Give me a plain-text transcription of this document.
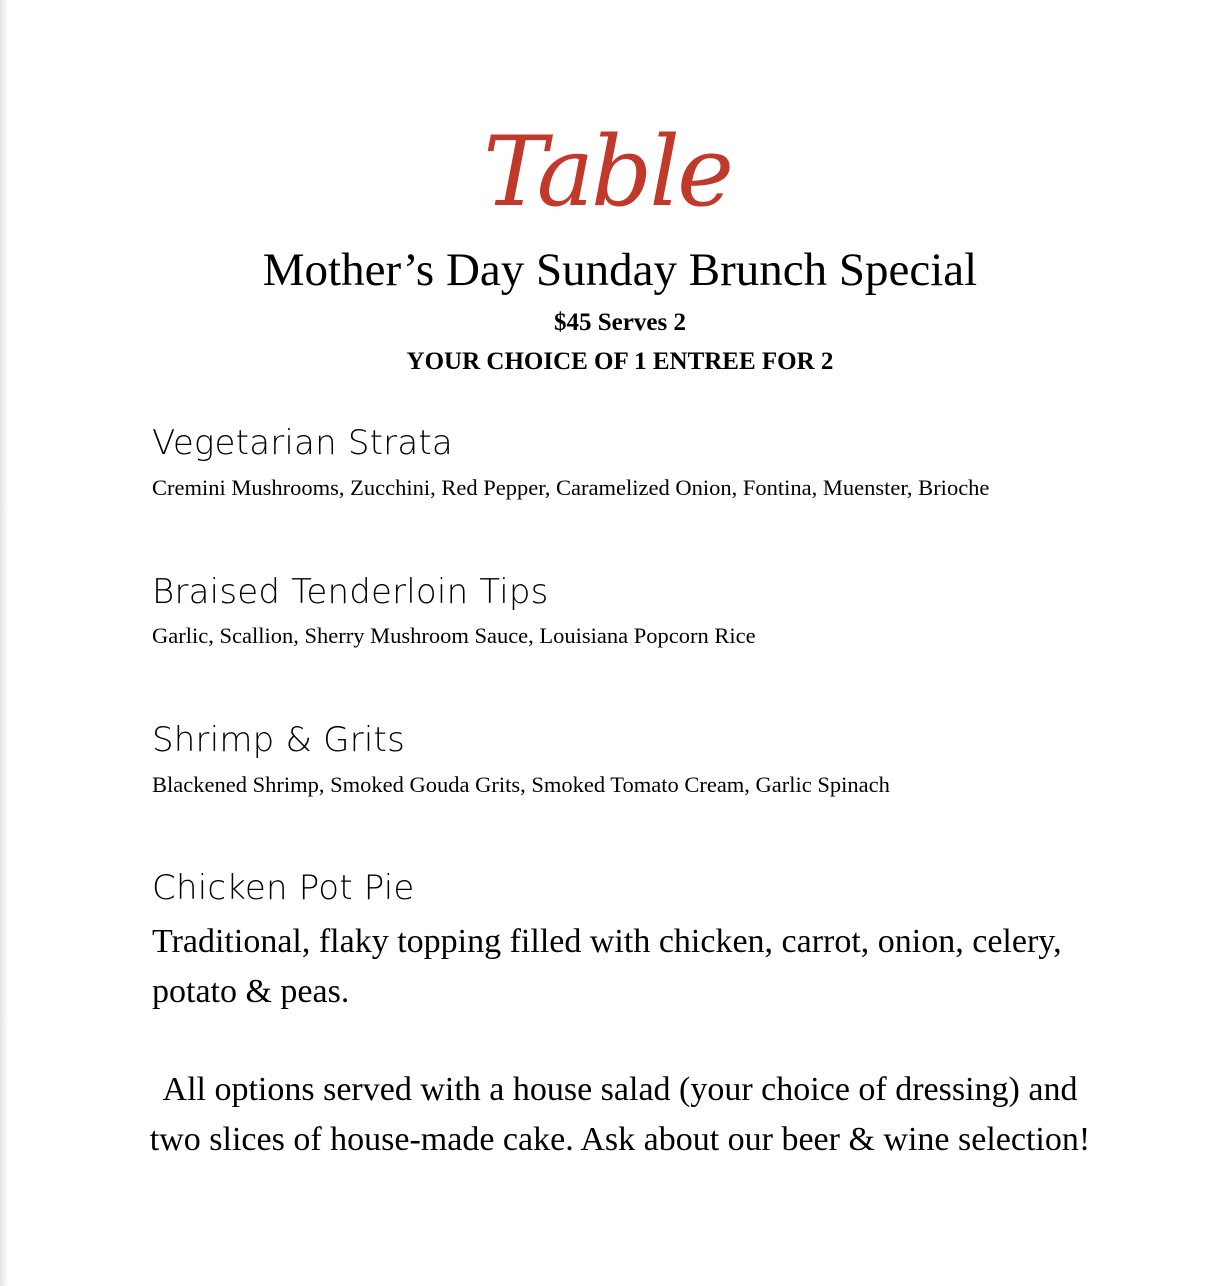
Table
Mother’s Day Sunday Brunch Special
$45 Serves 2
YOUR CHOICE OF 1 ENTREE FOR 2
Vegetarian Strata
Cremini Mushrooms, Zucchini, Red Pepper, Caramelized Onion, Fontina, Muenster, Brioche
Braised Tenderloin Tips
Garlic, Scallion, Sherry Mushroom Sauce, Louisiana Popcorn Rice
Shrimp & Grits
Blackened Shrimp, Smoked Gouda Grits, Smoked Tomato Cream, Garlic Spinach
Chicken Pot Pie
Traditional, flaky topping filled with chicken, carrot, onion, celery, potato & peas.
All options served with a house salad (your choice of dressing) and two slices of house-made cake. Ask about our beer & wine selection!
